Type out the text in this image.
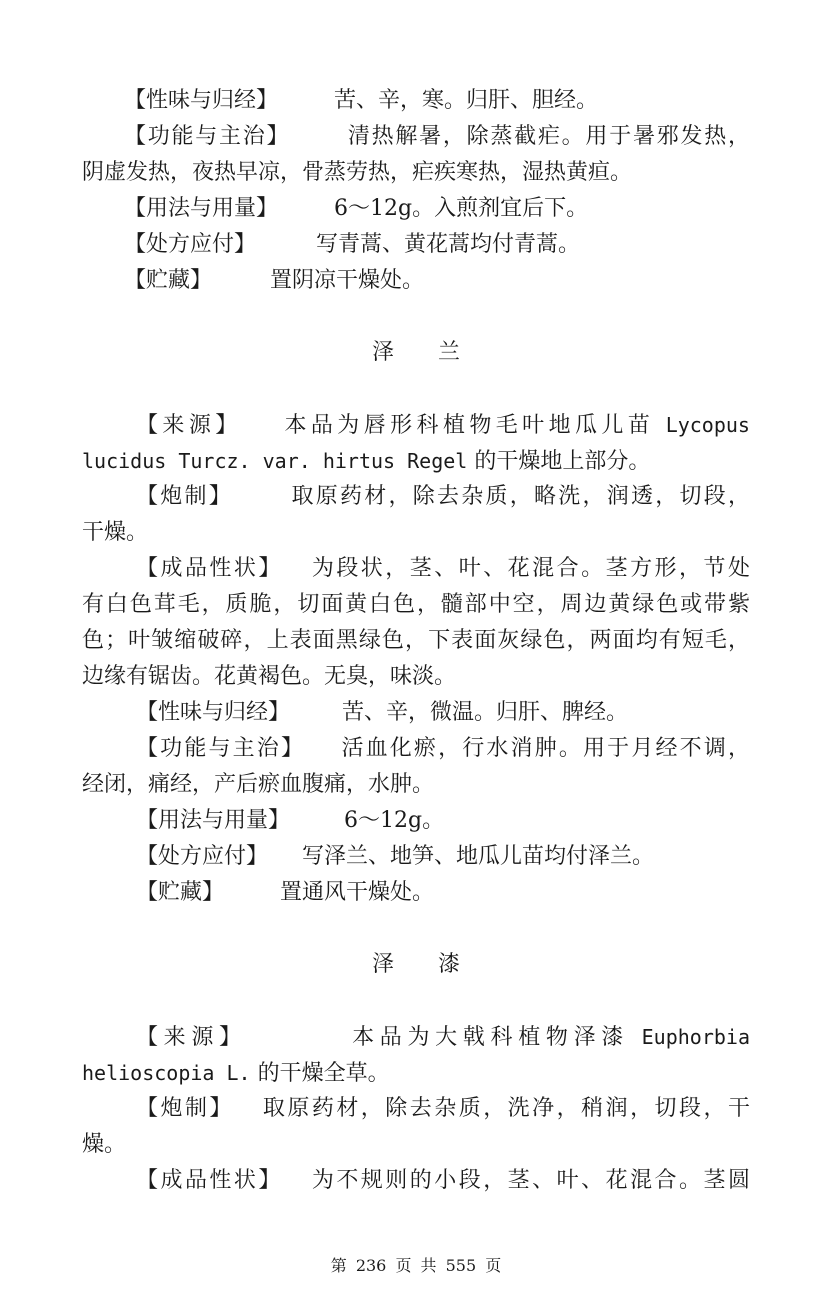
【性味与归经】	苦、辛，寒。归肝、胆经。
【功能与主治】	清热解暑，除蒸截疟。用于暑邪发热，
阴虚发热，夜热早凉，骨蒸劳热，疟疾寒热，湿热黄疸。
【用法与用量】	6～12g。入煎剂宜后下。
【处方应付】	写青蒿、黄花蒿均付青蒿。
【贮藏】	置阴凉干燥处。
泽 兰
【来源】 本品为唇形科植物毛叶地瓜儿苗 Lycopus
lucidus Turcz. var. hirtus Regel 的干燥地上部分。
【炮制】	取原药材，除去杂质，略洗，润透，切段，
干燥。
【成品性状】 为段状，茎、叶、花混合。茎方形，节处
有白色茸毛，质脆，切面黄白色，髓部中空，周边黄绿色或带紫
色；叶皱缩破碎，上表面黑绿色，下表面灰绿色，两面均有短毛，
边缘有锯齿。花黄褐色。无臭，味淡。
【性味与归经】 苦、辛，微温。归肝、脾经。
【功能与主治】 活血化瘀，行水消肿。用于月经不调，
经闭，痛经，产后瘀血腹痛，水肿。
【用法与用量】 6～12g。
【处方应付】 写泽兰、地笋、地瓜儿苗均付泽兰。
【贮藏】	置通风干燥处。
泽 漆
【来源】	本品为大戟科植物泽漆 Euphorbia
helioscopia L. 的干燥全草。
【炮制】 取原药材，除去杂质，洗净，稍润，切段，干
燥。
【成品性状】 为不规则的小段，茎、叶、花混合。茎圆
第 236 页 共 555 页
